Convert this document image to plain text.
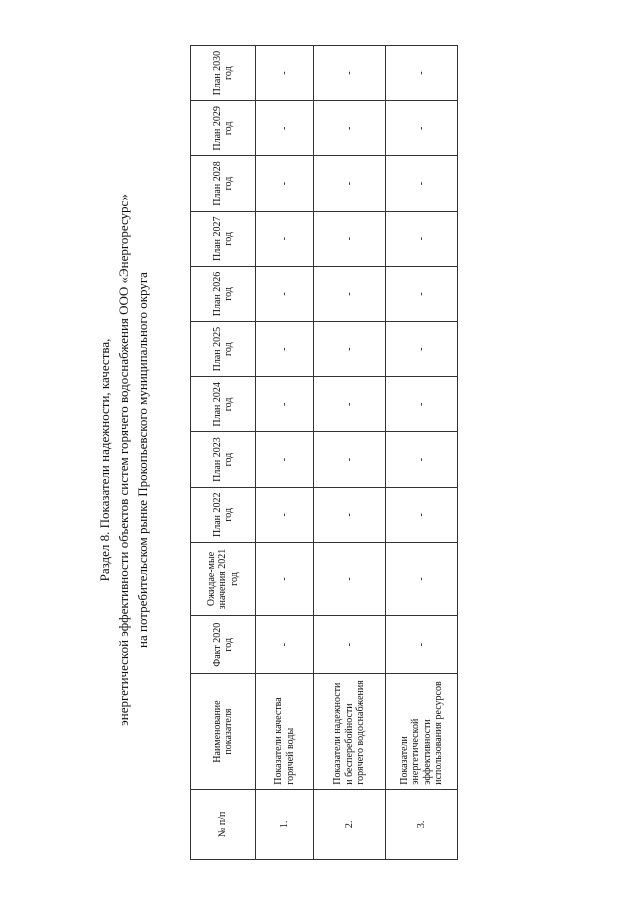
Раздел 8. Показатели надежности, качества, энергетической эффективности объектов систем горячего водоснабжения ООО «Энергоресурс» на потребительском рынке Прокопьевского муниципального округа
№ п/п	Наименование показателя	Факт 2020 год	Ожидае-мые значения 2021 год	План 2022 год	План 2023 год	План 2024 год	План 2025 год	План 2026 год	План 2027 год	План 2028 год	План 2029 год	План 2030 год
1.	Показатели качества горячей воды	-	-	-	-	-	-	-	-	-	-	-
2.	Показатели надежности и бесперебойности горячего водоснабжения	-	-	-	-	-	-	-	-	-	-	-
3.	Показатели энергетической эффективности использования ресурсов	-	-	-	-	-	-	-	-	-	-	-
